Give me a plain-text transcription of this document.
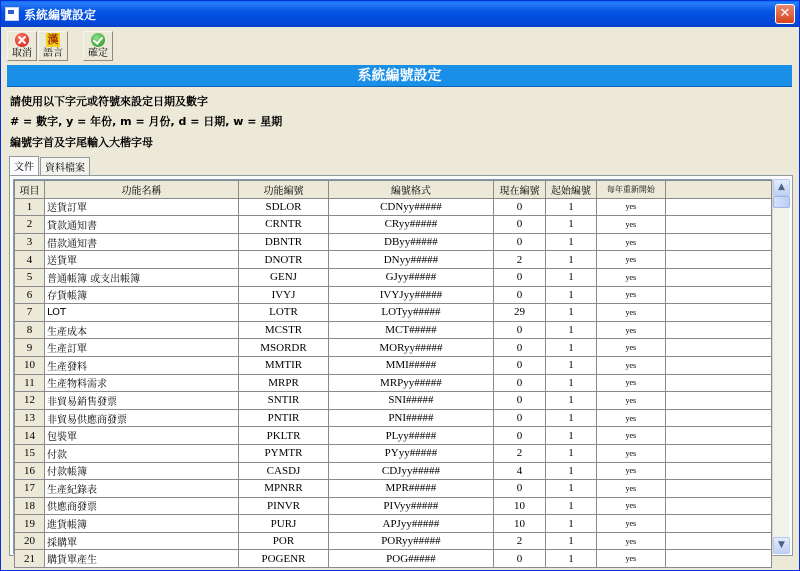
系統編號設定	✕
取消
漢
語言	確定
系統編號設定
請使用以下字元或符號來設定日期及數字
# = 數字, y = 年份, m = 月份, d = 日期, w = 星期
編號字首及字尾輸入大楷字母
文件	資料檔案
項目	功能名稱	功能編號	編號格式	現在編號	起始編號	每年重新開始	
1	送貨訂單	SDLOR	CDNyy#####	0	1	yes	
2	貸款通知書	CRNTR	CRyy#####	0	1	yes	
3	借款通知書	DBNTR	DByy#####	0	1	yes	
4	送貨單	DNOTR	DNyy#####	2	1	yes	
5	普通帳簿 或支出帳簿	GENJ	GJyy#####	0	1	yes	
6	存貨帳簿	IVYJ	IVYJyy#####	0	1	yes	
7	LOT	LOTR	LOTyy#####	29	1	yes	
8	生產成本	MCSTR	MCT#####	0	1	yes	
9	生產訂單	MSORDR	MORyy#####	0	1	yes	
10	生產發料	MMTIR	MMI#####	0	1	yes	
11	生產物料需求	MRPR	MRPyy#####	0	1	yes	
12	非貿易銷售發票	SNTIR	SNI#####	0	1	yes	
13	非貿易供應商發票	PNTIR	PNI#####	0	1	yes	
14	包裝單	PKLTR	PLyy#####	0	1	yes	
15	付款	PYMTR	PYyy#####	2	1	yes	
16	付款帳簿	CASDJ	CDJyy#####	4	1	yes	
17	生產紀錄表	MPNRR	MPR#####	0	1	yes	
18	供應商發票	PINVR	PIVyy#####	10	1	yes	
19	進貨帳簿	PURJ	APJyy#####	10	1	yes	
20	採購單	POR	PORyy#####	2	1	yes	
21	購貨單產生	POGENR	POG#####	0	1	yes	
▲
▼
